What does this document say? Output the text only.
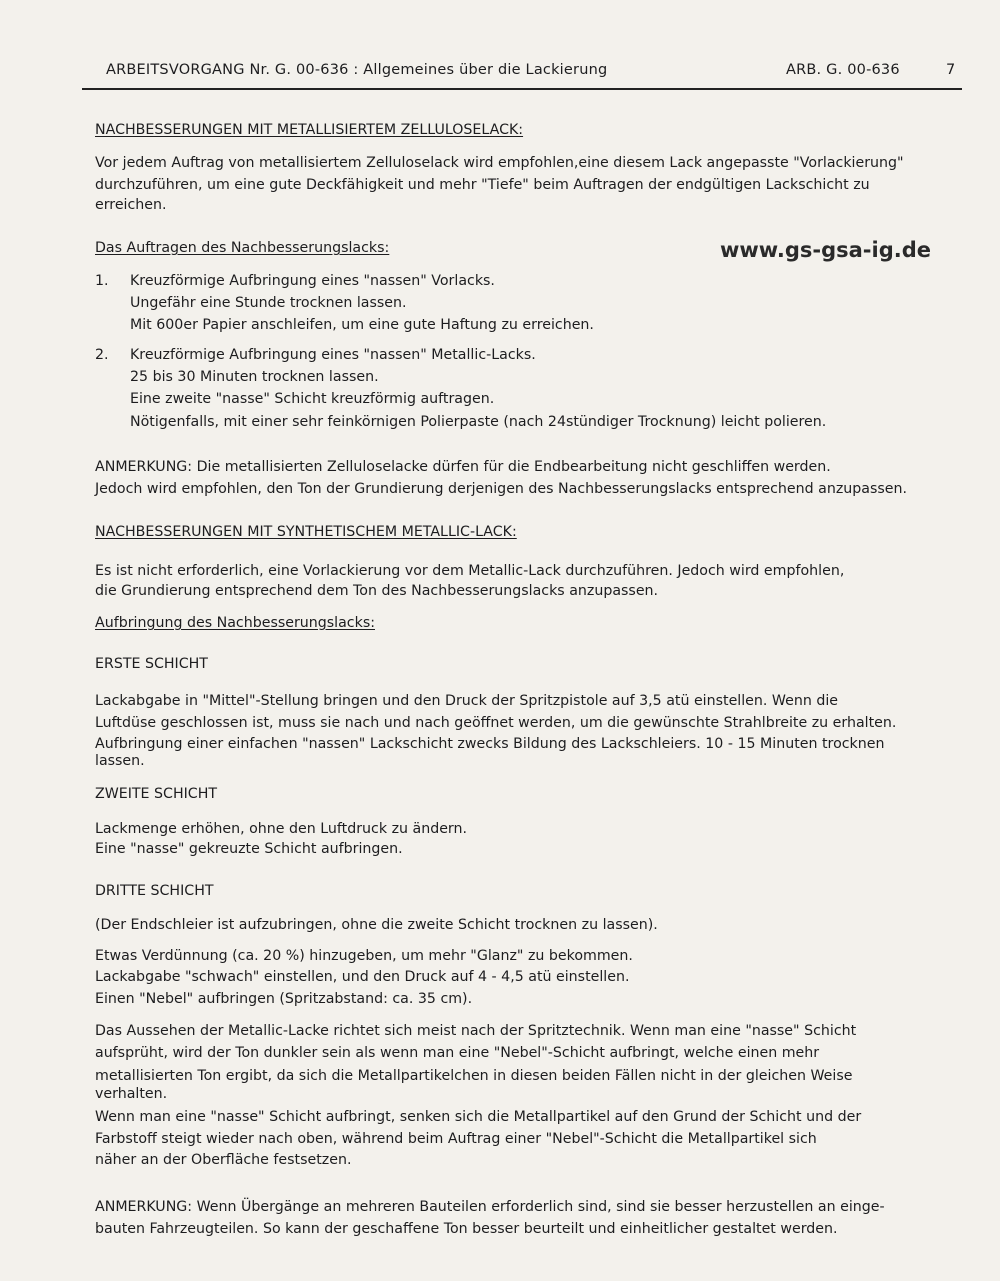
ARBEITSVORGANG Nr. G. 00-636 : Allgemeines über die Lackierung	ARB. G. 00-636	7
www.gs-gsa-ig.de
NACHBESSERUNGEN MIT METALLISIERTEM ZELLULOSELACK:
Vor jedem Auftrag von metallisiertem Zelluloselack wird empfohlen,eine diesem Lack angepasste "Vorlackierung"
durchzuführen, um eine gute Deckfähigkeit und mehr "Tiefe" beim Auftragen der endgültigen Lackschicht zu
erreichen.
Das Auftragen des Nachbesserungslacks:
1. Kreuzförmige Aufbringung eines "nassen" Vorlacks.
Ungefähr eine Stunde trocknen lassen.
Mit 600er Papier anschleifen, um eine gute Haftung zu erreichen.
2. Kreuzförmige Aufbringung eines "nassen" Metallic-Lacks.
25 bis 30 Minuten trocknen lassen.
Eine zweite "nasse" Schicht kreuzförmig auftragen.
Nötigenfalls, mit einer sehr feinkörnigen Polierpaste (nach 24stündiger Trocknung) leicht polieren.
ANMERKUNG: Die metallisierten Zelluloselacke dürfen für die Endbearbeitung nicht geschliffen werden.
Jedoch wird empfohlen, den Ton der Grundierung derjenigen des Nachbesserungslacks entsprechend anzupassen.
NACHBESSERUNGEN MIT SYNTHETISCHEM METALLIC-LACK:
Es ist nicht erforderlich, eine Vorlackierung vor dem Metallic-Lack durchzuführen. Jedoch wird empfohlen,
die Grundierung entsprechend dem Ton des Nachbesserungslacks anzupassen.
Aufbringung des Nachbesserungslacks:
ERSTE SCHICHT
Lackabgabe in "Mittel"-Stellung bringen und den Druck der Spritzpistole auf 3,5 atü einstellen. Wenn die
Luftdüse geschlossen ist, muss sie nach und nach geöffnet werden, um die gewünschte Strahlbreite zu erhalten.
Aufbringung einer einfachen "nassen" Lackschicht zwecks Bildung des Lackschleiers. 10 - 15 Minuten trocknen
lassen.
ZWEITE SCHICHT
Lackmenge erhöhen, ohne den Luftdruck zu ändern.
Eine "nasse" gekreuzte Schicht aufbringen.
DRITTE SCHICHT
(Der Endschleier ist aufzubringen, ohne die zweite Schicht trocknen zu lassen).
Etwas Verdünnung (ca. 20 %) hinzugeben, um mehr "Glanz" zu bekommen.
Lackabgabe "schwach" einstellen, und den Druck auf 4 - 4,5 atü einstellen.
Einen "Nebel" aufbringen (Spritzabstand: ca. 35 cm).
Das Aussehen der Metallic-Lacke richtet sich meist nach der Spritztechnik. Wenn man eine "nasse" Schicht
aufsprüht, wird der Ton dunkler sein als wenn man eine "Nebel"-Schicht aufbringt, welche einen mehr
metallisierten Ton ergibt, da sich die Metallpartikelchen in diesen beiden Fällen nicht in der gleichen Weise
verhalten.
Wenn man eine "nasse" Schicht aufbringt, senken sich die Metallpartikel auf den Grund der Schicht und der
Farbstoff steigt wieder nach oben, während beim Auftrag einer "Nebel"-Schicht die Metallpartikel sich
näher an der Oberfläche festsetzen.
ANMERKUNG: Wenn Übergänge an mehreren Bauteilen erforderlich sind, sind sie besser herzustellen an einge-
bauten Fahrzeugteilen. So kann der geschaffene Ton besser beurteilt und einheitlicher gestaltet werden.
